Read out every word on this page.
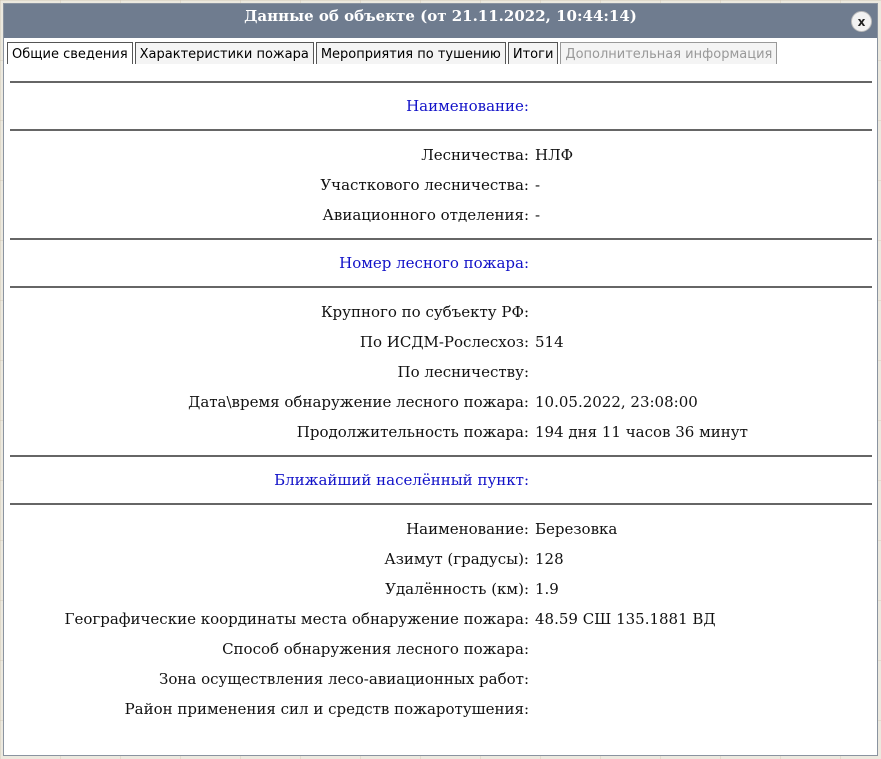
Данные об объекте (от 21.11.2022, 10:44:14)	x
Общие сведения Характеристики пожара Мероприятия по тушению Итоги Дополнительная информация
Наименование:
Лесничества: НЛФ
Участкового лесничества: -
Авиационного отделения: -
Номер лесного пожара:
Крупного по субъекту РФ:
По ИСДМ-Рослесхоз: 514
По лесничеству:
Дата\время обнаружение лесного пожара: 10.05.2022, 23:08:00
Продолжительность пожара: 194 дня 11 часов 36 минут
Ближайший населённый пункт:
Наименование: Березовка
Азимут (градусы): 128
Удалённость (км): 1.9
Географические координаты места обнаружение пожара: 48.59 СШ 135.1881 ВД
Способ обнаружения лесного пожара:
Зона осуществления лесо-авиационных работ:
Район применения сил и средств пожаротушения:
